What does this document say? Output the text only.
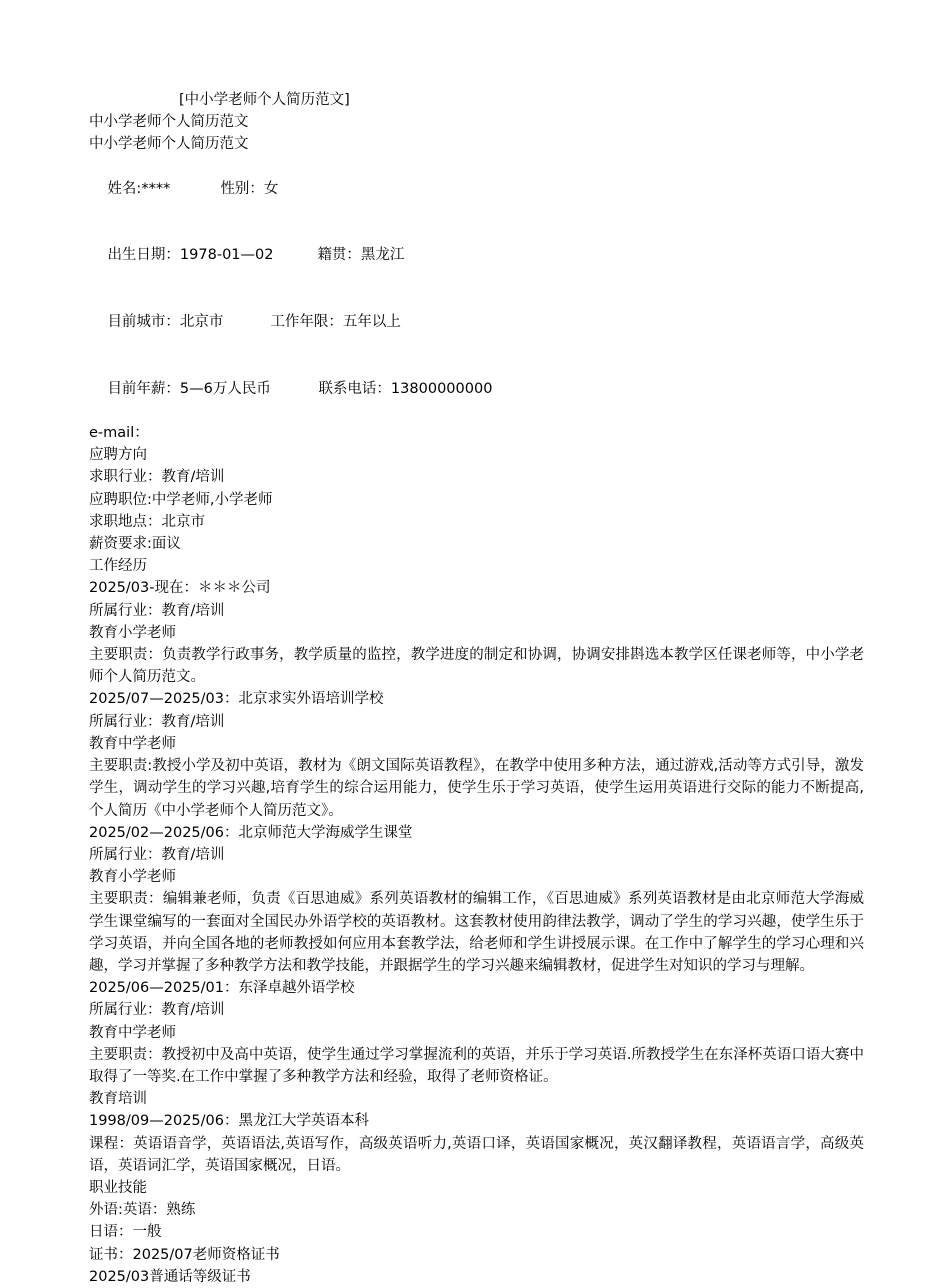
[中小学老师个人简历范文]
中小学老师个人简历范文
中小学老师个人简历范文

姓名:****	性别：女

出生日期：1978-01—02	籍贯：黑龙江

目前城市：北京市	工作年限：五年以上

目前年薪：5—6万人民币	联系电话：13800000000

e-mail：
应聘方向
求职行业：教育/培训
应聘职位:中学老师,小学老师
求职地点：北京市
薪资要求:面议
工作经历
2025/03-现在：＊＊＊公司
所属行业：教育/培训
教育小学老师
主要职责：负责教学行政事务，教学质量的监控，教学进度的制定和协调，协调安排斟选本教学区任课老师等，中小学老师个人简历范文。
2025/07—2025/03：北京求实外语培训学校
所属行业：教育/培训
教育中学老师
主要职责:教授小学及初中英语，教材为《朗文国际英语教程》，在教学中使用多种方法，通过游戏,活动等方式引导，激发学生，调动学生的学习兴趣,培育学生的综合运用能力，使学生乐于学习英语，使学生运用英语进行交际的能力不断提高,个人简历《中小学老师个人简历范文》。
2025/02—2025/06：北京师范大学海威学生课堂
所属行业：教育/培训
教育小学老师
主要职责：编辑兼老师，负责《百思迪威》系列英语教材的编辑工作，《百思迪威》系列英语教材是由北京师范大学海威学生课堂编写的一套面对全国民办外语学校的英语教材。这套教材使用韵律法教学，调动了学生的学习兴趣，使学生乐于学习英语，并向全国各地的老师教授如何应用本套教学法，给老师和学生讲授展示课。在工作中了解学生的学习心理和兴趣，学习并掌握了多种教学方法和教学技能，并跟据学生的学习兴趣来编辑教材，促进学生对知识的学习与理解。
2025/06—2025/01：东泽卓越外语学校
所属行业：教育/培训
教育中学老师
主要职责：教授初中及高中英语，使学生通过学习掌握流利的英语，并乐于学习英语.所教授学生在东泽杯英语口语大赛中取得了一等奖.在工作中掌握了多种教学方法和经验，取得了老师资格证。
教育培训
1998/09—2025/06：黑龙江大学英语本科
课程：英语语音学，英语语法,英语写作，高级英语听力,英语口译，英语国家概况，英汉翻译教程，英语语言学，高级英语，英语词汇学，英语国家概况，日语。
职业技能
外语:英语：熟练
日语：一般
证书：2025/07老师资格证书
2025/03普通话等级证书
